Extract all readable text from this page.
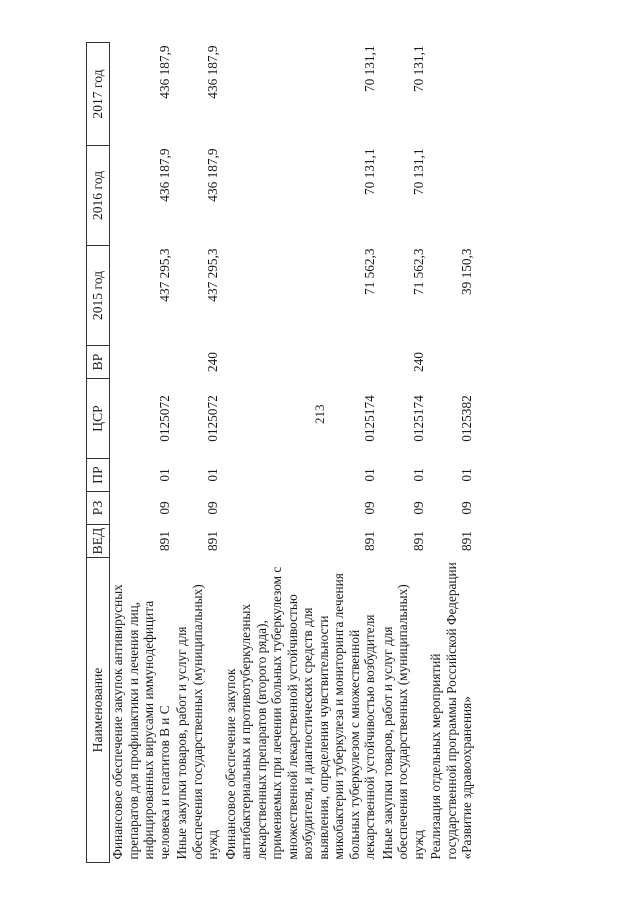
213
Наименование	ВЕД	РЗ	ПР	ЦСР	ВР	2015 год	2016 год	2017 год
Финансовое обеспечение закупок антивирусных препаратов для профилактики и лечения лиц, инфицированных вирусами иммунодефицита человека и гепатитов B и C	891	09	01	0125072		437 295,3	436 187,9	436 187,9
Иные закупки товаров, работ и услуг для обеспечения государственных (муниципальных) нужд	891	09	01	0125072	240	437 295,3	436 187,9	436 187,9
Финансовое обеспечение закупок антибактериальных и противотуберкулезных лекарственных препаратов (второго ряда), применяемых при лечении больных туберкулезом с множественной лекарственной устойчивостью возбудителя, и диагностических средств для выявления, определения чувствительности микобактерии туберкулеза и мониторинга лечения больных туберкулезом с множественной лекарственной устойчивостью возбудителя	891	09	01	0125174		71 562,3	70 131,1	70 131,1
Иные закупки товаров, работ и услуг для обеспечения государственных (муниципальных) нужд	891	09	01	0125174	240	71 562,3	70 131,1	70 131,1
Реализация отдельных мероприятий государственной программы Российской Федерации «Развитие здравоохранения»	891	09	01	0125382		39 150,3		
